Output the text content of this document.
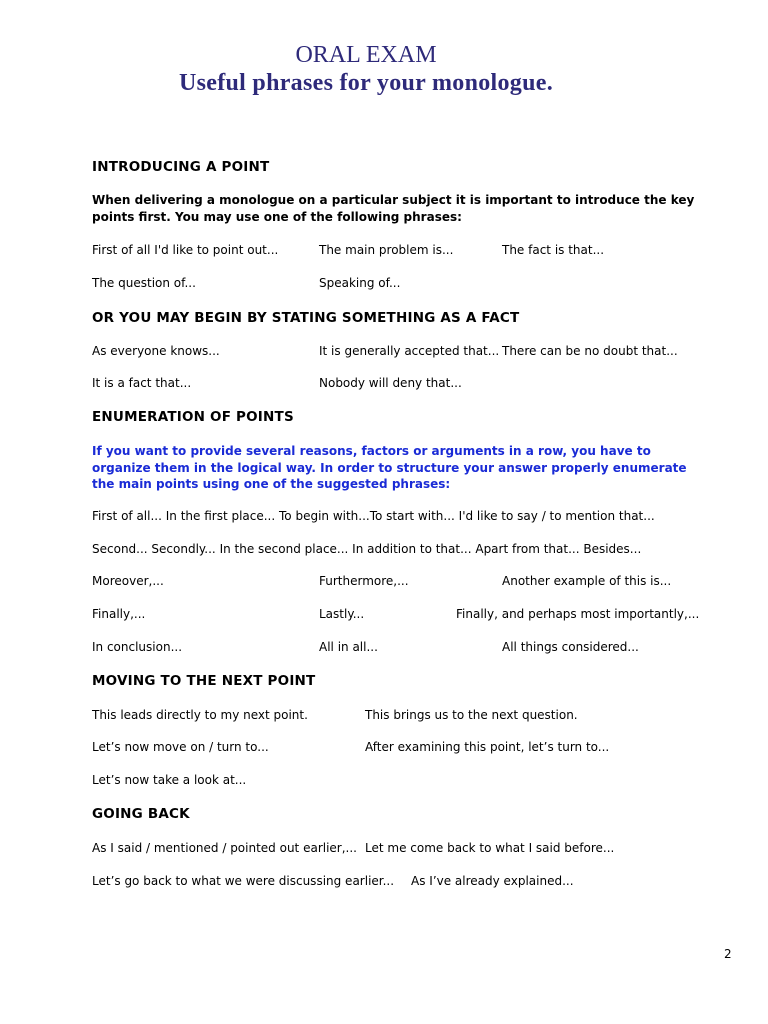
ORAL EXAM
Useful phrases for your monologue.
INTRODUCING A POINT
When delivering a monologue on a particular subject it is important to introduce the key points first. You may use one of the following phrases:
First of all I'd like to point out...	The main problem is...	The fact is that...
The question of...	Speaking of...
OR YOU MAY BEGIN BY STATING SOMETHING AS A FACT
As everyone knows...	It is generally accepted that... There can be no doubt that...
It is a fact that...	Nobody will deny that...
ENUMERATION OF POINTS
If you want to provide several reasons, factors or arguments in a row, you have to organize them in the logical way. In order to structure your answer properly enumerate the main points using one of the suggested phrases:
First of all... In the first place... To begin with...To start with... I'd like to say / to mention that...
Second... Secondly... In the second place... In addition to that... Apart from that... Besides...
Moreover,...	Furthermore,...	Another example of this is...
Finally,...	Lastly...	Finally, and perhaps most importantly,...
In conclusion...	All in all...	All things considered...
MOVING TO THE NEXT POINT
This leads directly to my next point.	This brings us to the next question.
Let’s now move on / turn to...	After examining this point, let’s turn to...
Let’s now take a look at...
GOING BACK
As I said / mentioned / pointed out earlier,... Let me come back to what I said before...
Let’s go back to what we were discussing earlier... As I’ve already explained...
2
